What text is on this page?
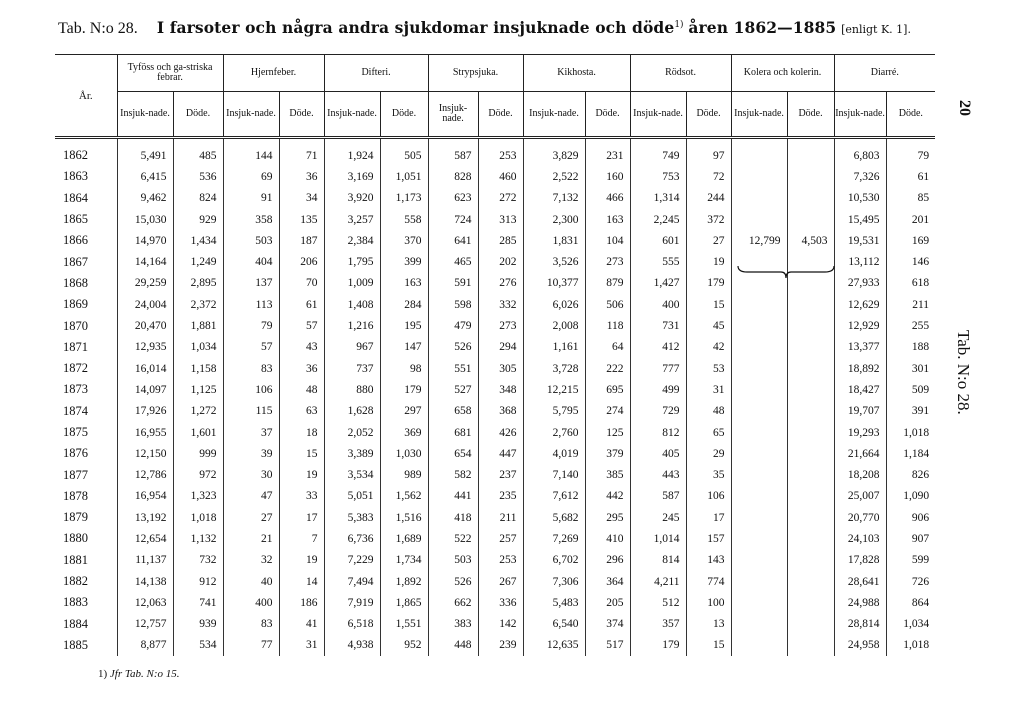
Tab. N:o 28. I farsoter och några andra sjukdomar insjuknade och döde$^{1)}$ åren 1862—1885 [enligt K. 1].
År.	Tyföss och ga-striska febrar.		Hjernfeber.		Difteri.		Strypsjuka.		Kikhosta.		Rödsot.		Kolera och kolerin.		Diarré.	
	Insjuk-nade.	Döde.	Insjuk-nade.	Döde.	Insjuk-nade.	Döde.	Insjuk-nade.	Döde.	Insjuk-nade.	Döde.	Insjuk-nade.	Döde.	Insjuk-nade.	Döde.	Insjuk-nade.	Döde.
1862	5,491	485	144	71	1,924	505	587	253	3,829	231	749	97			6,803	79
1863	6,415	536	69	36	3,169	1,051	828	460	2,522	160	753	72			7,326	61
1864	9,462	824	91	34	3,920	1,173	623	272	7,132	466	1,314	244			10,530	85
1865	15,030	929	358	135	3,257	558	724	313	2,300	163	2,245	372			15,495	201
1866	14,970	1,434	503	187	2,384	370	641	285	1,831	104	601	27	12,799	4,503	19,531	169
1867	14,164	1,249	404	206	1,795	399	465	202	3,526	273	555	19			13,112	146
1868	29,259	2,895	137	70	1,009	163	591	276	10,377	879	1,427	179			27,933	618
1869	24,004	2,372	113	61	1,408	284	598	332	6,026	506	400	15			12,629	211
1870	20,470	1,881	79	57	1,216	195	479	273	2,008	118	731	45			12,929	255
1871	12,935	1,034	57	43	967	147	526	294	1,161	64	412	42			13,377	188
1872	16,014	1,158	83	36	737	98	551	305	3,728	222	777	53			18,892	301
1873	14,097	1,125	106	48	880	179	527	348	12,215	695	499	31			18,427	509
1874	17,926	1,272	115	63	1,628	297	658	368	5,795	274	729	48			19,707	391
1875	16,955	1,601	37	18	2,052	369	681	426	2,760	125	812	65			19,293	1,018
1876	12,150	999	39	15	3,389	1,030	654	447	4,019	379	405	29			21,664	1,184
1877	12,786	972	30	19	3,534	989	582	237	7,140	385	443	35			18,208	826
1878	16,954	1,323	47	33	5,051	1,562	441	235	7,612	442	587	106			25,007	1,090
1879	13,192	1,018	27	17	5,383	1,516	418	211	5,682	295	245	17			20,770	906
1880	12,654	1,132	21	7	6,736	1,689	522	257	7,269	410	1,014	157			24,103	907
1881	11,137	732	32	19	7,229	1,734	503	253	6,702	296	814	143			17,828	599
1882	14,138	912	40	14	7,494	1,892	526	267	7,306	364	4,211	774			28,641	726
1883	12,063	741	400	186	7,919	1,865	662	336	5,483	205	512	100			24,988	864
1884	12,757	939	83	41	6,518	1,551	383	142	6,540	374	357	13			28,814	1,034
1885	8,877	534	77	31	4,938	952	448	239	12,635	517	179	15			24,958	1,018
20
Tab. N:o 28.
1) Jfr Tab. N:o 15.
